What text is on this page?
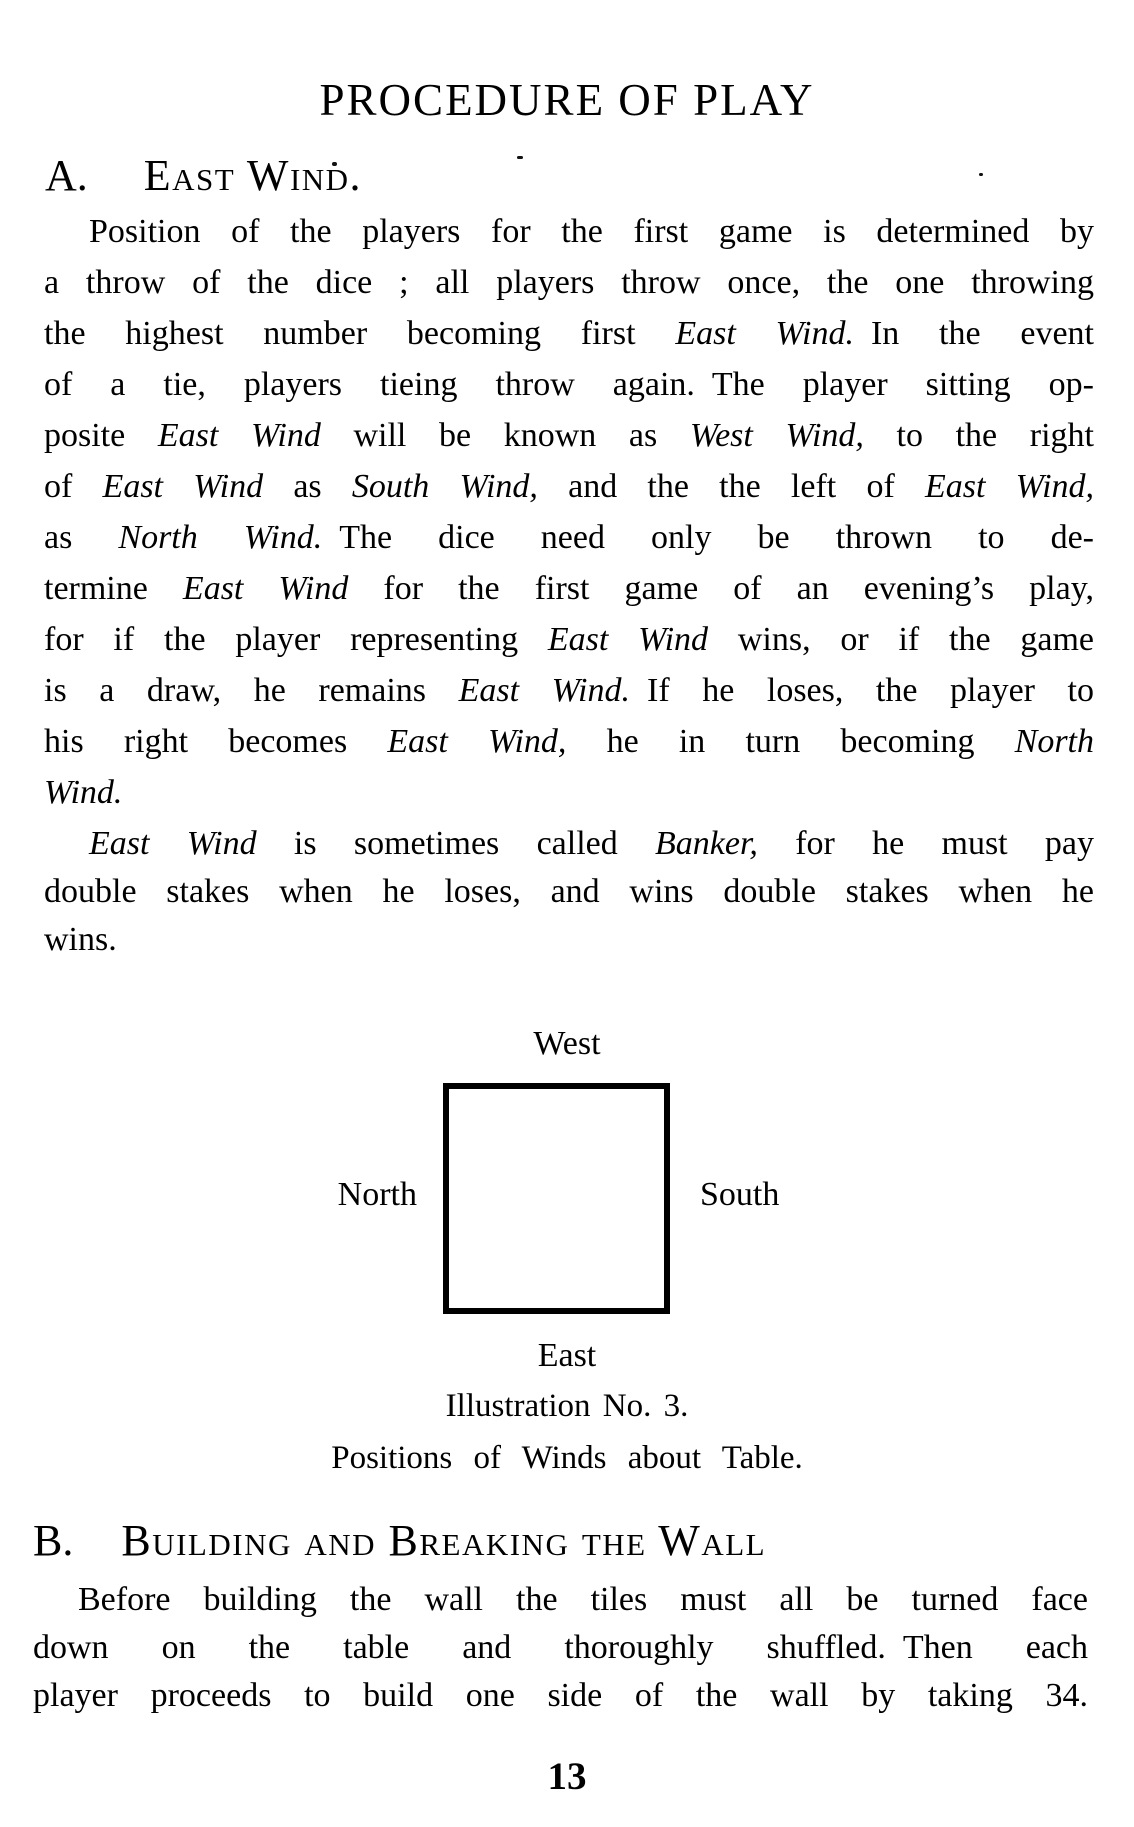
PROCEDURE OF PLAY
A. East Wind.
Position of the players for the first game is determined by
a throw of the dice ; all players throw once, the one throwing
the highest number becoming first East Wind. In the event
of a tie, players tieing throw again. The player sitting op-
posite East Wind will be known as West Wind, to the right
of East Wind as South Wind, and the the left of East Wind,
as North Wind. The dice need only be thrown to de-
termine East Wind for the first game of an evening’s play,
for if the player representing East Wind wins, or if the game
is a draw, he remains East Wind. If he loses, the player to
his right becomes East Wind, he in turn becoming North
Wind.
East Wind is sometimes called Banker, for he must pay
double stakes when he loses, and wins double stakes when he
wins.
West
North	South
East
Illustration No. 3.
Positions of Winds about Table.
B. Building and Breaking the Wall
Before building the wall the tiles must all be turned face
down on the table and thoroughly shuffled. Then each
player proceeds to build one side of the wall by taking 34.
13
